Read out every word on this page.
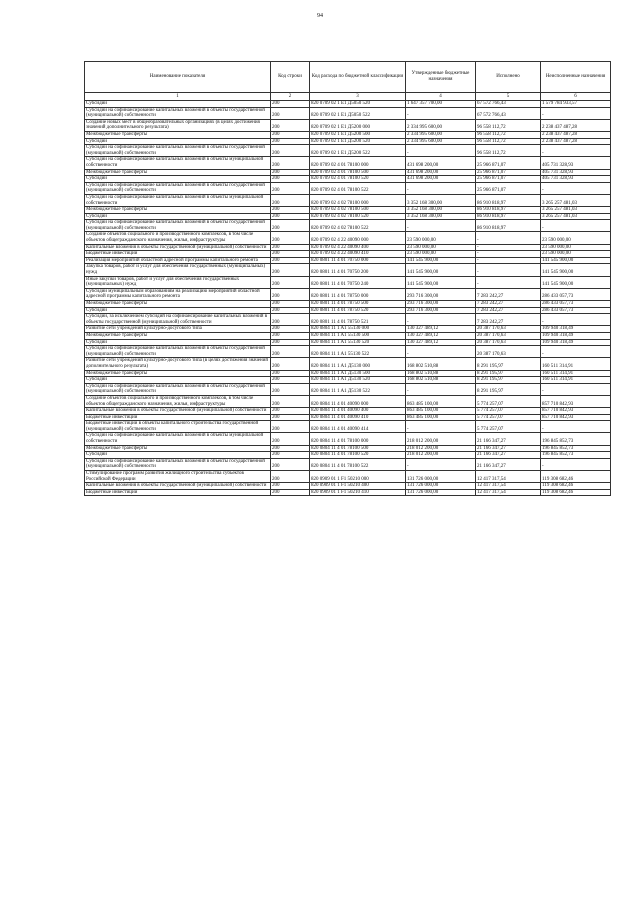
94
Наименование показателя	Код строки	Код расхода по бюджетной классификации	Утвержденные бюджетные назначения	Исполнено	Неисполненные назначения
1	2	3	4	5	6
Субсидии	200	820 0709 02 1 E1 Д5050 520	1 647 357 700,00	67 572 766,43	1 579 784 933,57
Субсидии на софинансирование капитальных вложений в объекты государственной (муниципальной) собственности	200	820 0709 02 1 E1 Д5050 522	-	67 572 766,43	-
Создание новых мест в общеобразовательных организациях (в целях достижения значений дополнительного результата)	200	820 0709 02 1 E1 Д5200 000	2 334 995 600,00	96 558 112,72	2 238 437 487,28
Межбюджетные трансферты	200	820 0709 02 1 E1 Д5200 500	2 334 995 600,00	96 558 112,72	2 238 437 487,28
Субсидии	200	820 0709 02 1 E1 Д5200 520	2 334 995 600,00	96 558 112,72	2 238 437 487,28
Субсидии на софинансирование капитальных вложений в объекты государственной (муниципальной) собственности	200	820 0709 02 1 E1 Д5200 522	-	96 558 112,72	-
Субсидии на софинансирование капитальных вложений в объекты муниципальной собственности	200	820 0709 02 4 01 78100 000	431 698 200,00	25 966 871,07	405 731 328,93
Межбюджетные трансферты	200	820 0709 02 4 01 78100 500	431 698 200,00	25 966 871,07	405 731 328,93
Субсидии	200	820 0709 02 4 01 78100 520	431 698 200,00	25 966 871,07	405 731 328,93
Субсидии на софинансирование капитальных вложений в объекты государственной (муниципальной) собственности	200	820 0709 02 4 01 78100 522	-	25 966 871,07	-
Субсидии на софинансирование капитальных вложений в объекты муниципальной собственности	200	820 0709 02 4 02 78100 000	3 352 168 300,00	86 910 818,97	3 265 257 481,03
Межбюджетные трансферты	200	820 0709 02 4 02 78100 500	3 352 168 300,00	86 910 818,97	3 265 257 481,03
Субсидии	200	820 0709 02 4 02 78100 520	3 352 168 300,00	86 910 818,97	3 265 257 481,03
Субсидии на софинансирование капитальных вложений в объекты государственной (муниципальной) собственности	200	820 0709 02 4 02 78100 522	-	86 910 818,97	-
Создание объектов социального и производственного комплексов, в том числе объектов общегражданского назначения, жилья, инфраструктуры	200	820 0709 02 4 22 40090 000	23 590 000,00	-	23 590 000,00
Капитальные вложения в объекты государственной (муниципальной) собственности	200	820 0709 02 4 22 40090 400	23 590 000,00	-	23 590 000,00
Бюджетные инвестиции	200	820 0709 02 4 22 40090 410	23 590 000,00	-	23 590 000,00
Реализация мероприятий областной адресной программы капитального ремонта	200	820 0801 11 4 01 70750 000	141 545 900,00	-	141 545 900,00
Закупка товаров, работ и услуг для обеспечения государственных (муниципальных) нужд	200	820 0801 11 4 01 70750 200	141 545 900,00	-	141 545 900,00
Иные закупки товаров, работ и услуг для обеспечения государственных (муниципальных) нужд	200	820 0801 11 4 01 70750 240	141 545 900,00	-	141 545 900,00
Субсидии муниципальным образованиям на реализацию мероприятий областной адресной программы капитального ремонта	200	820 0801 11 4 01 78750 000	293 716 300,00	7 283 242,27	286 433 057,73
Межбюджетные трансферты	200	820 0801 11 4 01 78750 500	293 716 300,00	7 283 242,27	286 433 057,73
Субсидии	200	820 0801 11 4 01 78750 520	293 716 300,00	7 283 242,27	286 433 057,73
Субсидии, за исключением субсидий на софинансирование капитальных вложений в объекты государственной (муниципальной) собственности	200	820 0801 11 4 01 78750 521	-	7 283 242,27	-
Развитие сети учреждений культурно-досугового типа	200	820 0804 11 1 A1 55130 000	130 327 489,12	20 387 170,63	109 940 318,49
Межбюджетные трансферты	200	820 0804 11 1 A1 55130 500	130 327 489,12	20 387 170,63	109 940 318,49
Субсидии	200	820 0804 11 1 A1 55130 520	130 327 489,12	20 387 170,63	109 940 318,49
Субсидии на софинансирование капитальных вложений в объекты государственной (муниципальной) собственности	200	820 0804 11 1 A1 55130 522	-	20 387 170,63	-
Развитие сети учреждений культурно-досугового типа (в целях достижения значений дополнительного результата)	200	820 0804 11 1 A1 Д5130 000	168 802 510,88	8 291 195,97	160 511 314,91
Межбюджетные трансферты	200	820 0804 11 1 A1 Д5130 500	168 802 510,88	8 291 195,97	160 511 314,91
Субсидии	200	820 0804 11 1 A1 Д5130 520	168 802 510,88	8 291 195,97	160 511 314,91
Субсидии на софинансирование капитальных вложений в объекты государственной (муниципальной) собственности	200	820 0804 11 1 A1 Д5130 522	-	8 291 195,97	-
Создание объектов социального и производственного комплексов, в том числе объектов общегражданского назначения, жилья, инфраструктуры	200	820 0804 11 4 01 40090 000	863 485 100,00	5 774 257,07	857 710 842,93
Капитальные вложения в объекты государственной (муниципальной) собственности	200	820 0804 11 4 01 40090 400	863 485 100,00	5 774 257,07	857 710 842,93
Бюджетные инвестиции	200	820 0804 11 4 01 40090 410	863 485 100,00	5 774 257,07	857 710 842,93
Бюджетные инвестиции в объекты капитального строительства государственной (муниципальной) собственности	200	820 0804 11 4 01 40090 414	-	5 774 257,07	-
Субсидии на софинансирование капитальных вложений в объекты муниципальной собственности	200	820 0804 11 4 01 78100 000	218 012 200,00	21 166 347,27	196 845 852,73
Межбюджетные трансферты	200	820 0804 11 4 01 78100 500	218 012 200,00	21 166 347,27	196 845 852,73
Субсидии	200	820 0804 11 4 01 78100 520	218 012 200,00	21 166 347,27	196 845 852,73
Субсидии на софинансирование капитальных вложений в объекты государственной (муниципальной) собственности	200	820 0804 11 4 01 78100 522	-	21 166 347,27	-
Стимулирование программ развития жилищного строительства субъектов Российской Федерации	200	820 0909 01 1 F1 50210 000	131 726 000,00	12 417 317,54	119 308 682,46
Капитальные вложения в объекты государственной (муниципальной) собственности	200	820 0909 01 1 F1 50210 400	131 726 000,00	12 417 317,54	119 308 682,46
Бюджетные инвестиции	200	820 0909 01 1 F1 50210 410	131 726 000,00	12 417 317,54	119 308 682,46
